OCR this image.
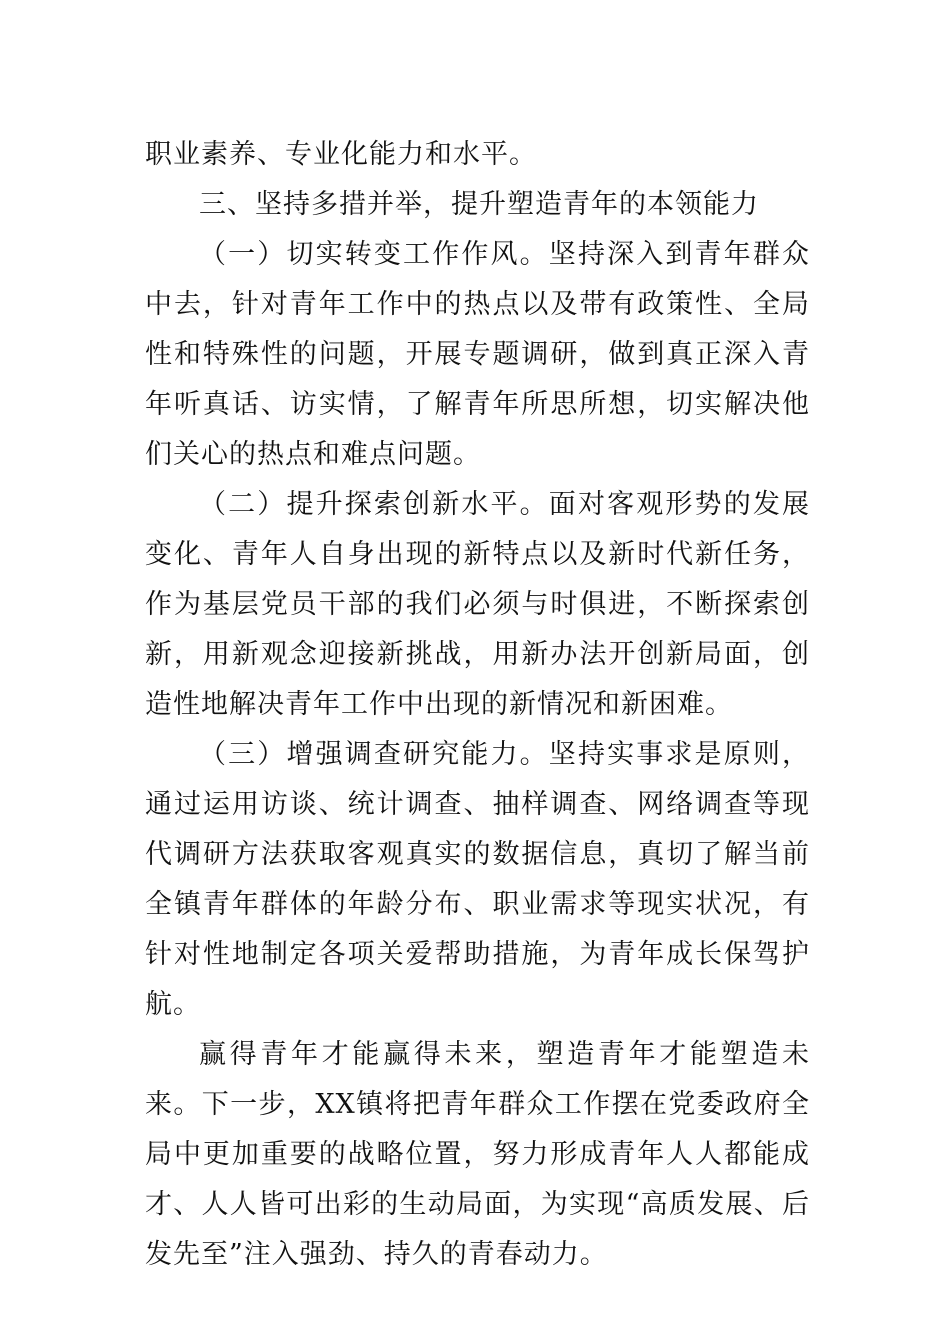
职业素养、专业化能力和水平。

三、坚持多措并举，提升塑造青年的本领能力

（一）切实转变工作作风。坚持深入到青年群众中去，针对青年工作中的热点以及带有政策性、全局性和特殊性的问题，开展专题调研，做到真正深入青年听真话、访实情，了解青年所思所想，切实解决他们关心的热点和难点问题。

（二）提升探索创新水平。面对客观形势的发展变化、青年人自身出现的新特点以及新时代新任务，作为基层党员干部的我们必须与时俱进，不断探索创新，用新观念迎接新挑战，用新办法开创新局面，创造性地解决青年工作中出现的新情况和新困难。

（三）增强调查研究能力。坚持实事求是原则，通过运用访谈、统计调查、抽样调查、网络调查等现代调研方法获取客观真实的数据信息，真切了解当前全镇青年群体的年龄分布、职业需求等现实状况，有针对性地制定各项关爱帮助措施，为青年成长保驾护航。

赢得青年才能赢得未来，塑造青年才能塑造未来。下一步，XX镇将把青年群众工作摆在党委政府全局中更加重要的战略位置，努力形成青年人人都能成才、人人皆可出彩的生动局面，为实现“高质发展、后发先至”注入强劲、持久的青春动力。
